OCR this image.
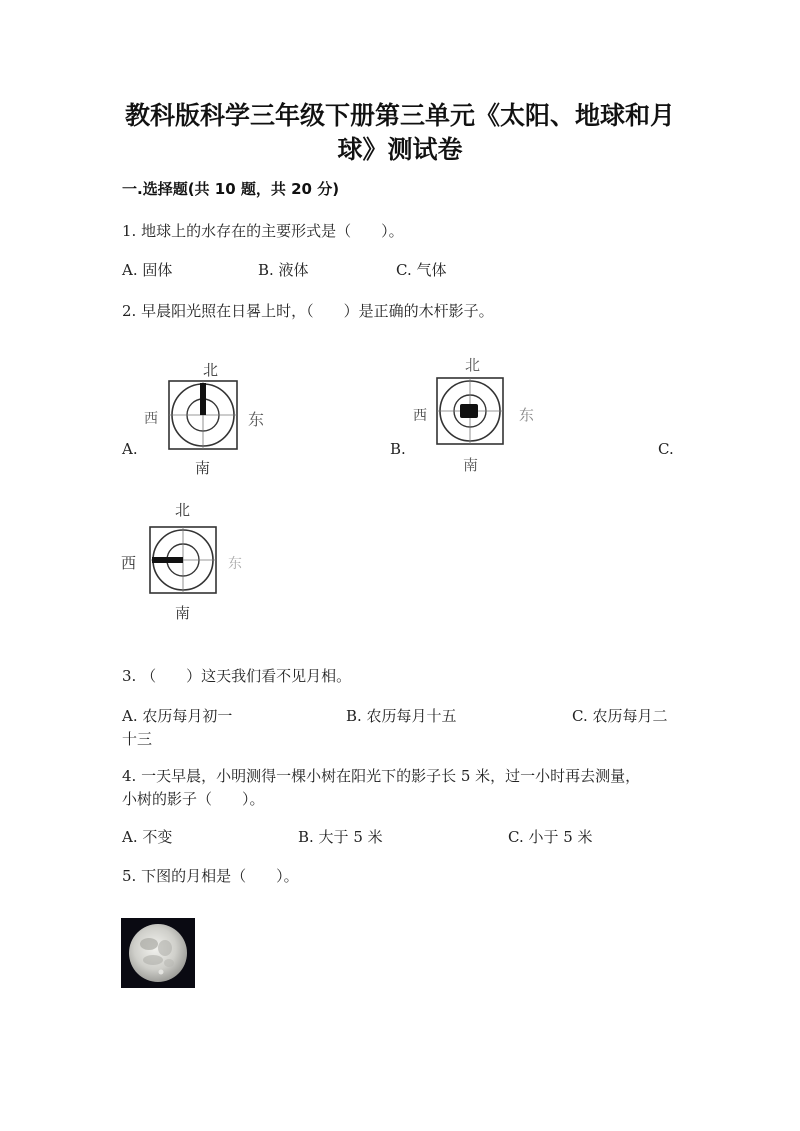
教科版科学三年级下册第三单元《太阳、地球和月
球》测试卷
一.选择题(共 10 题，共 20 分)
1. 地球上的水存在的主要形式是（　　）。
A. 固体	B. 液体	C. 气体
2. 早晨阳光照在日晷上时，（　　）是正确的木杆影子。
A.	B.	C.
北
西	东
南
北
西	东
南
北
西	东
南
3. （　　）这天我们看不见月相。
A. 农历每月初一	B. 农历每月十五	C. 农历每月二
十三
4. 一天早晨，小明测得一棵小树在阳光下的影子长 5 米，过一小时再去测量，
小树的影子（　　）。
A. 不变	B. 大于 5 米	C. 小于 5 米
5. 下图的月相是（　　）。
